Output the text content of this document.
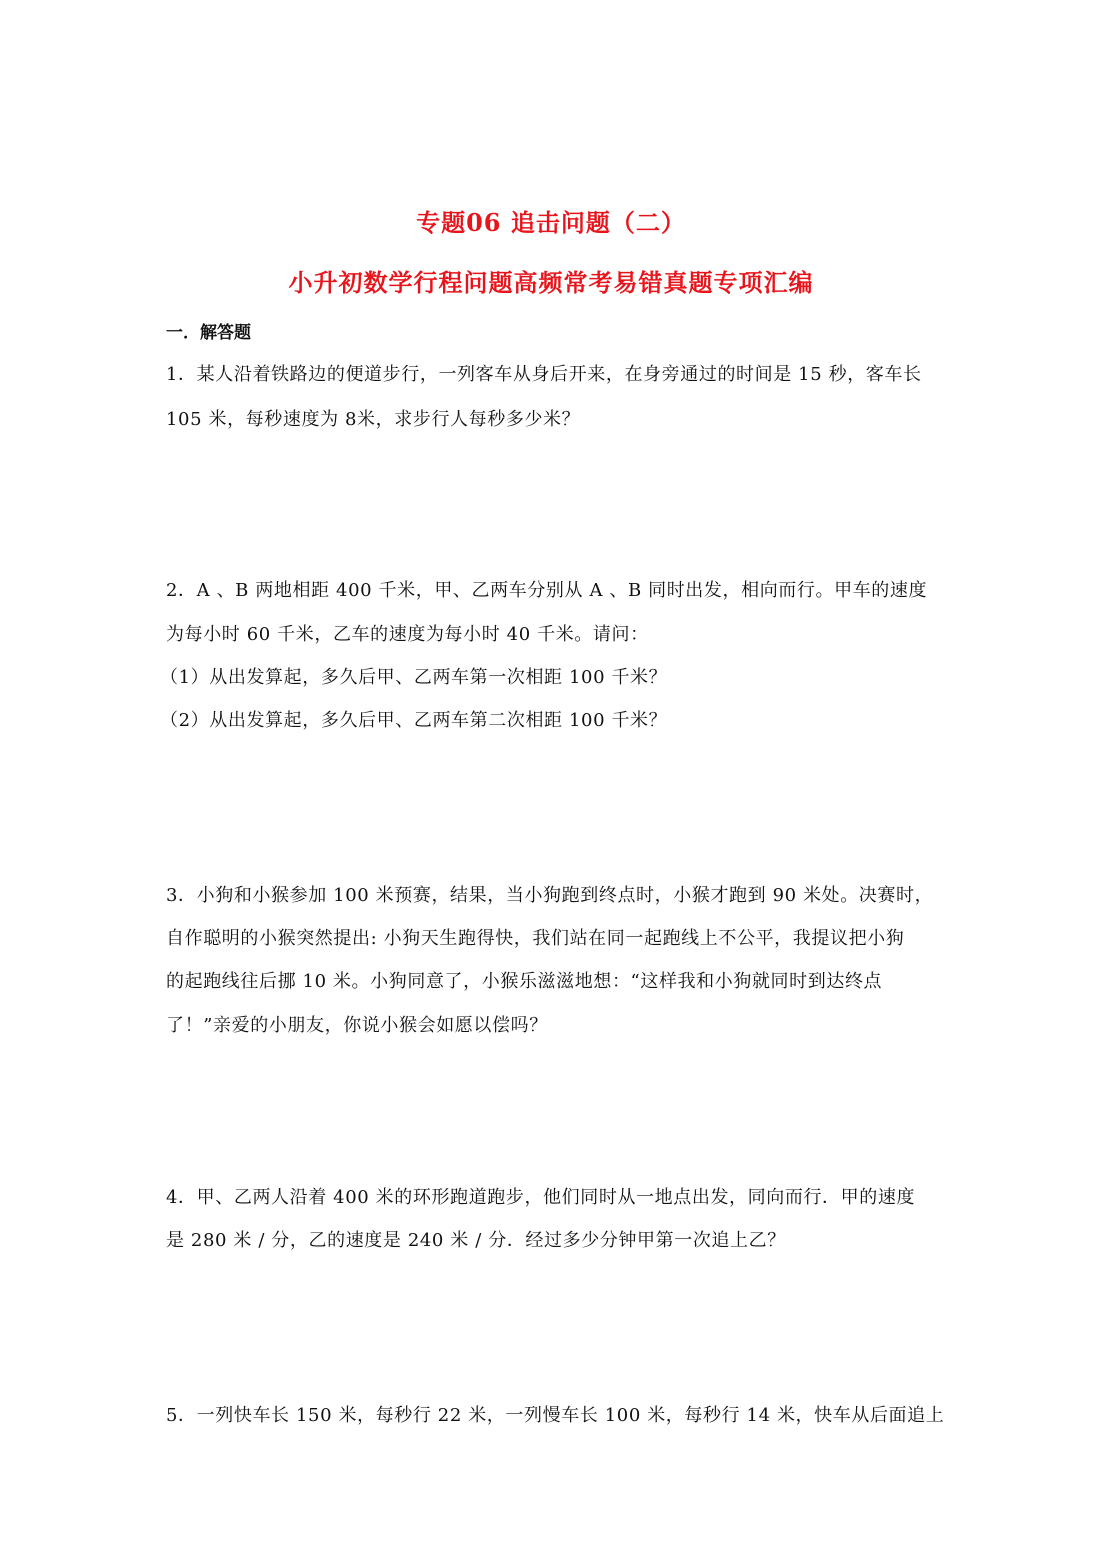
专题06 追击问题（二）
小升初数学行程问题高频常考易错真题专项汇编
一．解答题
1．某人沿着铁路边的便道步行，一列客车从身后开来，在身旁通过的时间是 15 秒，客车长
105 米，每秒速度为 8米，求步行人每秒多少米？
2．A 、B 两地相距 400 千米，甲、乙两车分别从 A 、B 同时出发，相向而行。甲车的速度
为每小时 60 千米，乙车的速度为每小时 40 千米。请问：
（1）从出发算起，多久后甲、乙两车第一次相距 100 千米？
（2）从出发算起，多久后甲、乙两车第二次相距 100 千米？
3．小狗和小猴参加 100 米预赛，结果，当小狗跑到终点时，小猴才跑到 90 米处。决赛时，
自作聪明的小猴突然提出: 小狗天生跑得快，我们站在同一起跑线上不公平，我提议把小狗
的起跑线往后挪 10 米。小狗同意了，小猴乐滋滋地想：“这样我和小狗就同时到达终点
了！”亲爱的小朋友，你说小猴会如愿以偿吗？
4．甲、乙两人沿着 400 米的环形跑道跑步，他们同时从一地点出发，同向而行．甲的速度
是 280 米 / 分，乙的速度是 240 米 / 分．经过多少分钟甲第一次追上乙？
5．一列快车长 150 米，每秒行 22 米，一列慢车长 100 米，每秒行 14 米，快车从后面追上
